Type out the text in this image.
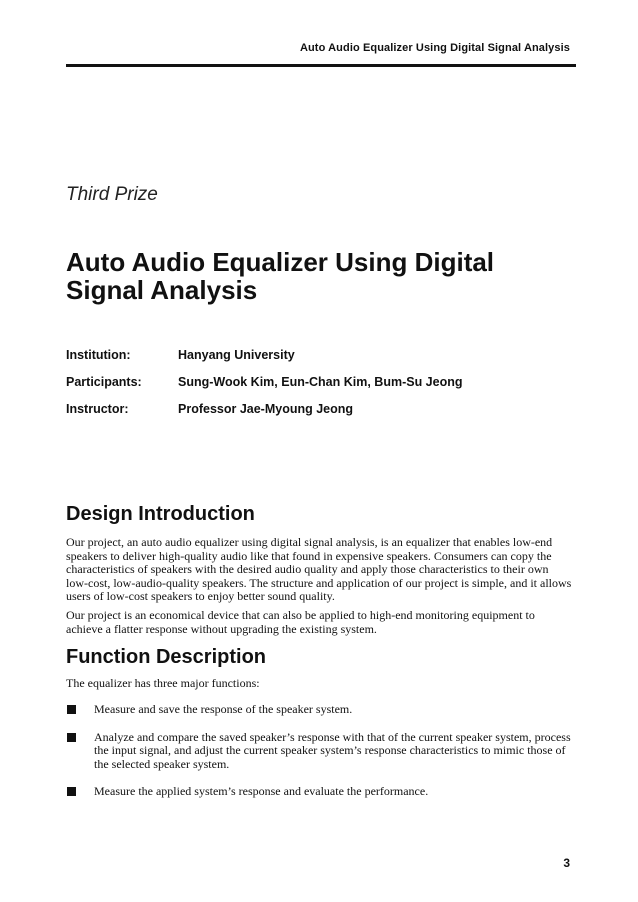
Auto Audio Equalizer Using Digital Signal Analysis
Third Prize
Auto Audio Equalizer Using Digital Signal Analysis
Institution:	Hanyang University
Participants:	Sung-Wook Kim, Eun-Chan Kim, Bum-Su Jeong
Instructor:	Professor Jae-Myoung Jeong
Design Introduction

Our project, an auto audio equalizer using digital signal analysis, is an equalizer that enables low-end speakers to deliver high-quality audio like that found in expensive speakers. Consumers can copy the characteristics of speakers with the desired audio quality and apply those characteristics to their own low-cost, low-audio-quality speakers. The structure and application of our project is simple, and it allows users of low-cost speakers to enjoy better sound quality.

Our project is an economical device that can also be applied to high-end monitoring equipment to achieve a flatter response without upgrading the existing system.

Function Description

The equalizer has three major functions:

Measure and save the response of the speaker system.
Analyze and compare the saved speaker’s response with that of the current speaker system, process the input signal, and adjust the current speaker system’s response characteristics to mimic those of the selected speaker system.
Measure the applied system’s response and evaluate the performance.
3
